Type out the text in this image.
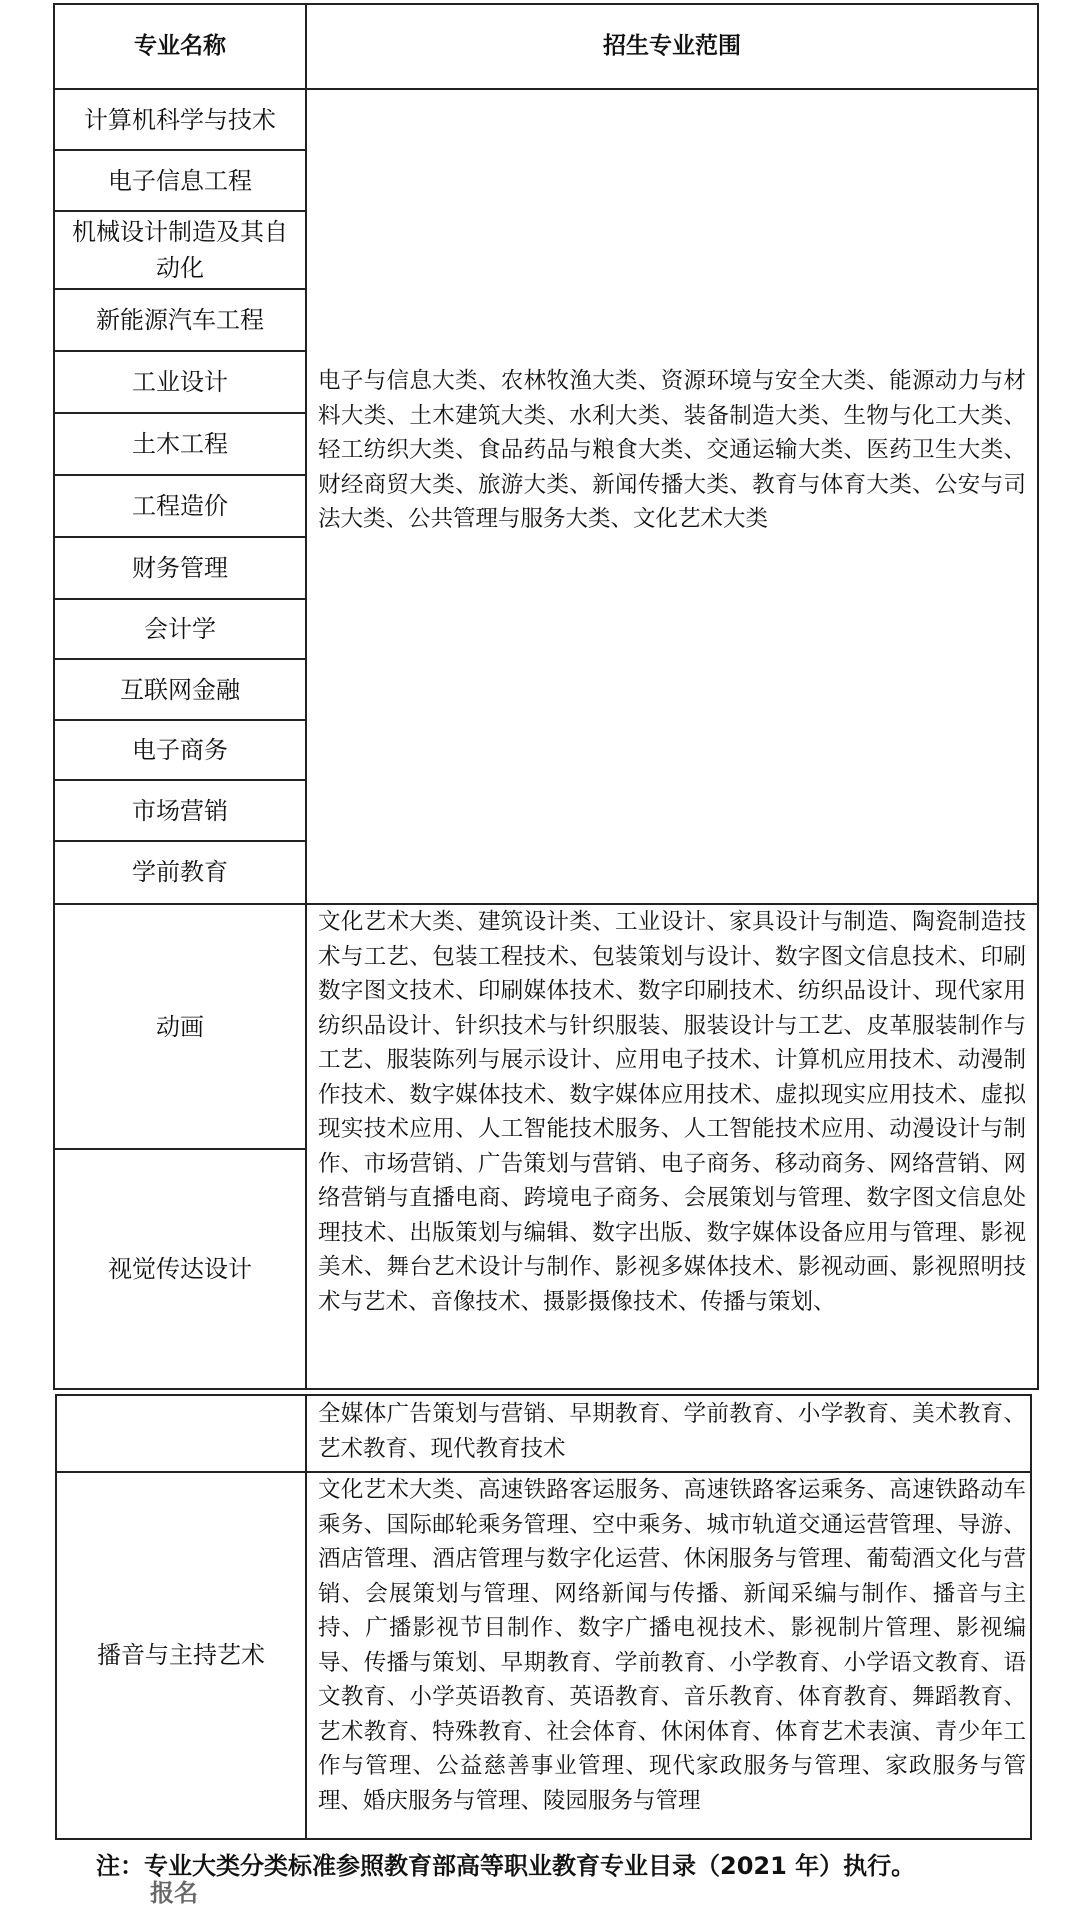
专业名称	招生专业范围
计算机科学与技术
电子信息工程
机械设计制造及其自动化
新能源汽车工程
工业设计
土木工程
工程造价
财务管理
会计学
互联网金融
电子商务
市场营销
学前教育
电子与信息大类、农林牧渔大类、资源环境与安全大类、能源动力与材料大类、土木建筑大类、水利大类、装备制造大类、生物与化工大类、轻工纺织大类、食品药品与粮食大类、交通运输大类、医药卫生大类、财经商贸大类、旅游大类、新闻传播大类、教育与体育大类、公安与司法大类、公共管理与服务大类、文化艺术大类
动画
视觉传达设计
文化艺术大类、建筑设计类、工业设计、家具设计与制造、陶瓷制造技术与工艺、包装工程技术、包装策划与设计、数字图文信息技术、印刷数字图文技术、印刷媒体技术、数字印刷技术、纺织品设计、现代家用纺织品设计、针织技术与针织服装、服装设计与工艺、皮革服装制作与工艺、服装陈列与展示设计、应用电子技术、计算机应用技术、动漫制作技术、数字媒体技术、数字媒体应用技术、虚拟现实应用技术、虚拟现实技术应用、人工智能技术服务、人工智能技术应用、动漫设计与制作、市场营销、广告策划与营销、电子商务、移动商务、网络营销、网络营销与直播电商、跨境电子商务、会展策划与管理、数字图文信息处理技术、出版策划与编辑、数字出版、数字媒体设备应用与管理、影视美术、舞台艺术设计与制作、影视多媒体技术、影视动画、影视照明技术与艺术、音像技术、摄影摄像技术、传播与策划、
全媒体广告策划与营销、早期教育、学前教育、小学教育、美术教育、艺术教育、现代教育技术
播音与主持艺术
文化艺术大类、高速铁路客运服务、高速铁路客运乘务、高速铁路动车乘务、国际邮轮乘务管理、空中乘务、城市轨道交通运营管理、导游、酒店管理、酒店管理与数字化运营、休闲服务与管理、葡萄酒文化与营销、会展策划与管理、网络新闻与传播、新闻采编与制作、播音与主持、广播影视节目制作、数字广播电视技术、影视制片管理、影视编导、传播与策划、早期教育、学前教育、小学教育、小学语文教育、语文教育、小学英语教育、英语教育、音乐教育、体育教育、舞蹈教育、艺术教育、特殊教育、社会体育、休闲体育、体育艺术表演、青少年工作与管理、公益慈善事业管理、现代家政服务与管理、家政服务与管理、婚庆服务与管理、陵园服务与管理
注：专业大类分类标准参照教育部高等职业教育专业目录（2021 年）执行。
报名
